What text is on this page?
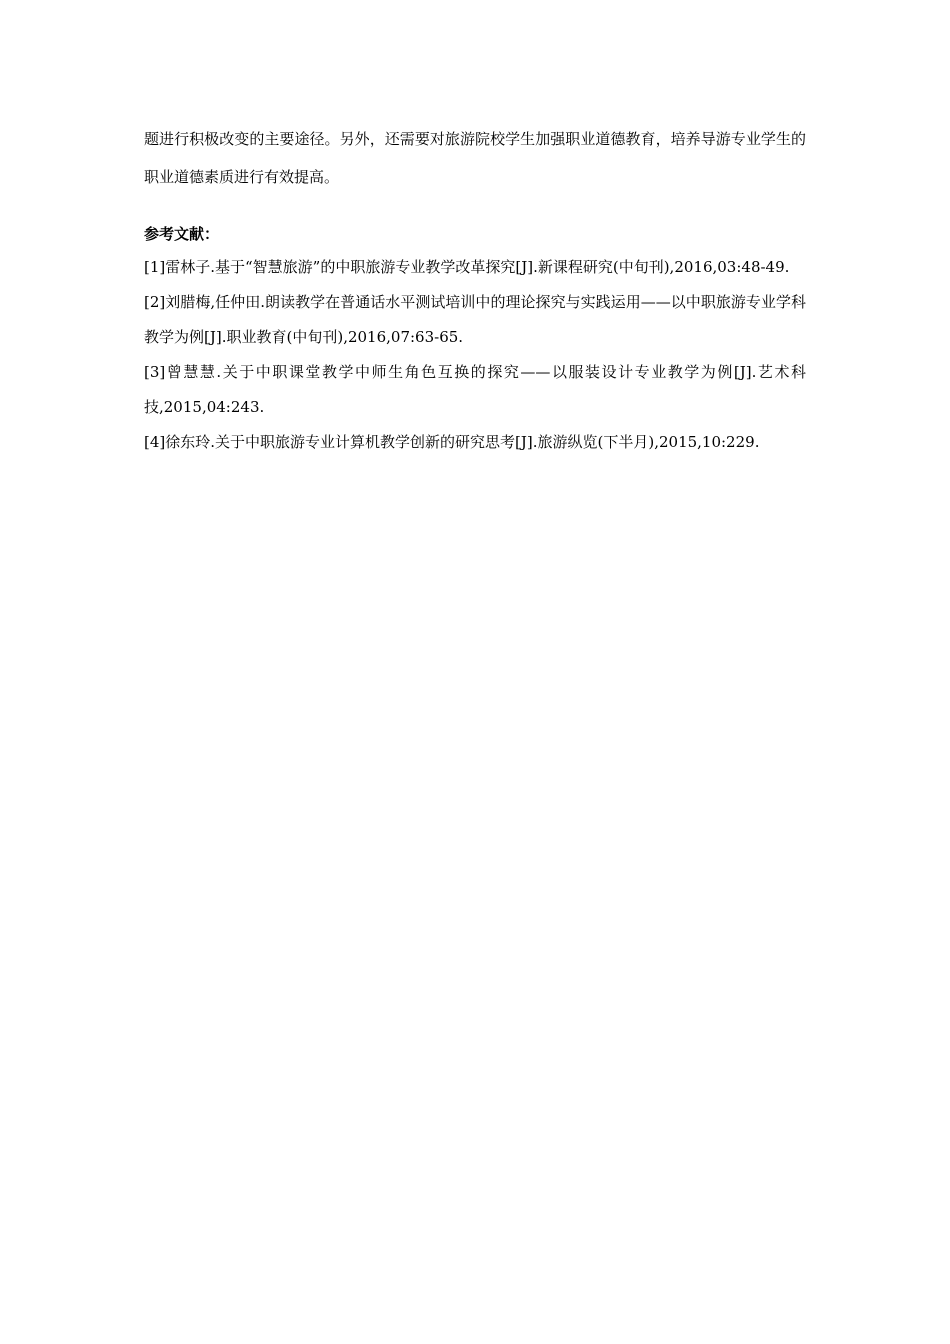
题进行积极改变的主要途径。另外，还需要对旅游院校学生加强职业道德教育，培养导游专业学生的职业道德素质进行有效提高。

参考文献：
[1]雷林子.基于“智慧旅游”的中职旅游专业教学改革探究[J].新课程研究(中旬刊),2016,03:48-49.
[2]刘腊梅,任仲田.朗读教学在普通话水平测试培训中的理论探究与实践运用——以中职旅游专业学科教学为例[J].职业教育(中旬刊),2016,07:63-65.
[3]曾慧慧.关于中职课堂教学中师生角色互换的探究——以服装设计专业教学为例[J].艺术科技,2015,04:243.
[4]徐东玲.关于中职旅游专业计算机教学创新的研究思考[J].旅游纵览(下半月),2015,10:229.
